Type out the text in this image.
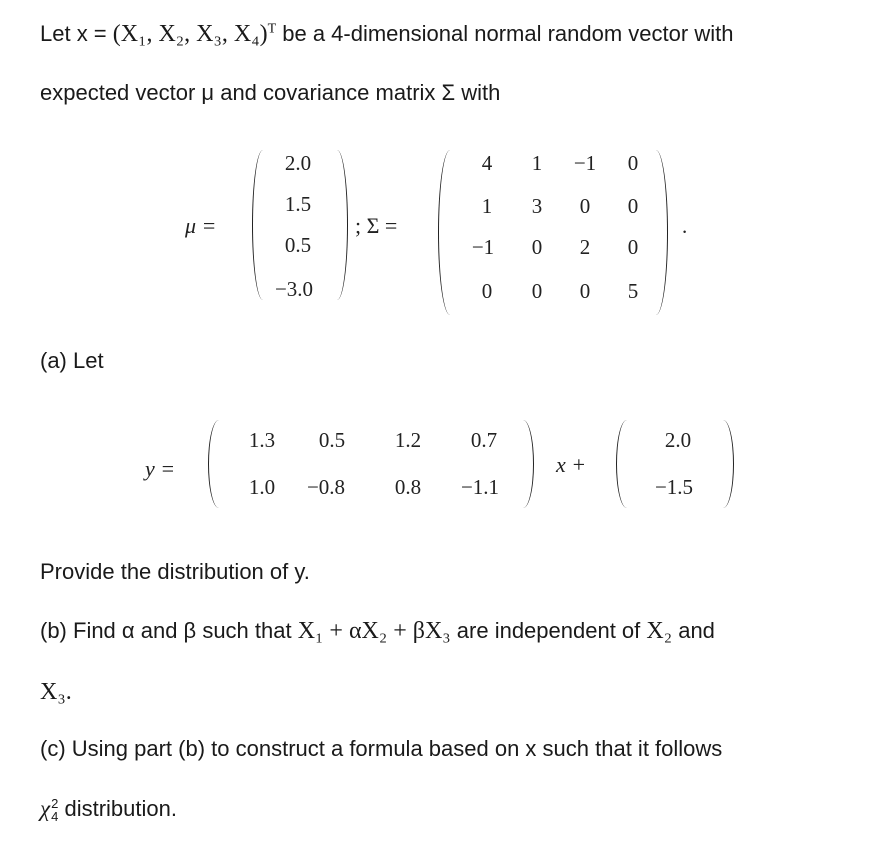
Let x = (X₁, X₂, X₃, X₄)$^T$ be a 4-dimensional normal random vector with
expected vector μ and covariance matrix Σ with
μ =
2.0
1.5
0.5
−3.0
; Σ =
4 1 −1 0
1 3 0 0
−1 0 2 0
0 0 0 5
.
(a) Let
y =
1.3 0.5 1.2 0.7
1.0 −0.8 0.8 −1.1
x +
2.0
−1.5
Provide the distribution of y.
(b) Find α and β such that X₁ + αX₂ + βX₃ are independent of X₂ and
X₃.
(c) Using part (b) to construct a formula based on x such that it follows
χ 2
4 distribution.
